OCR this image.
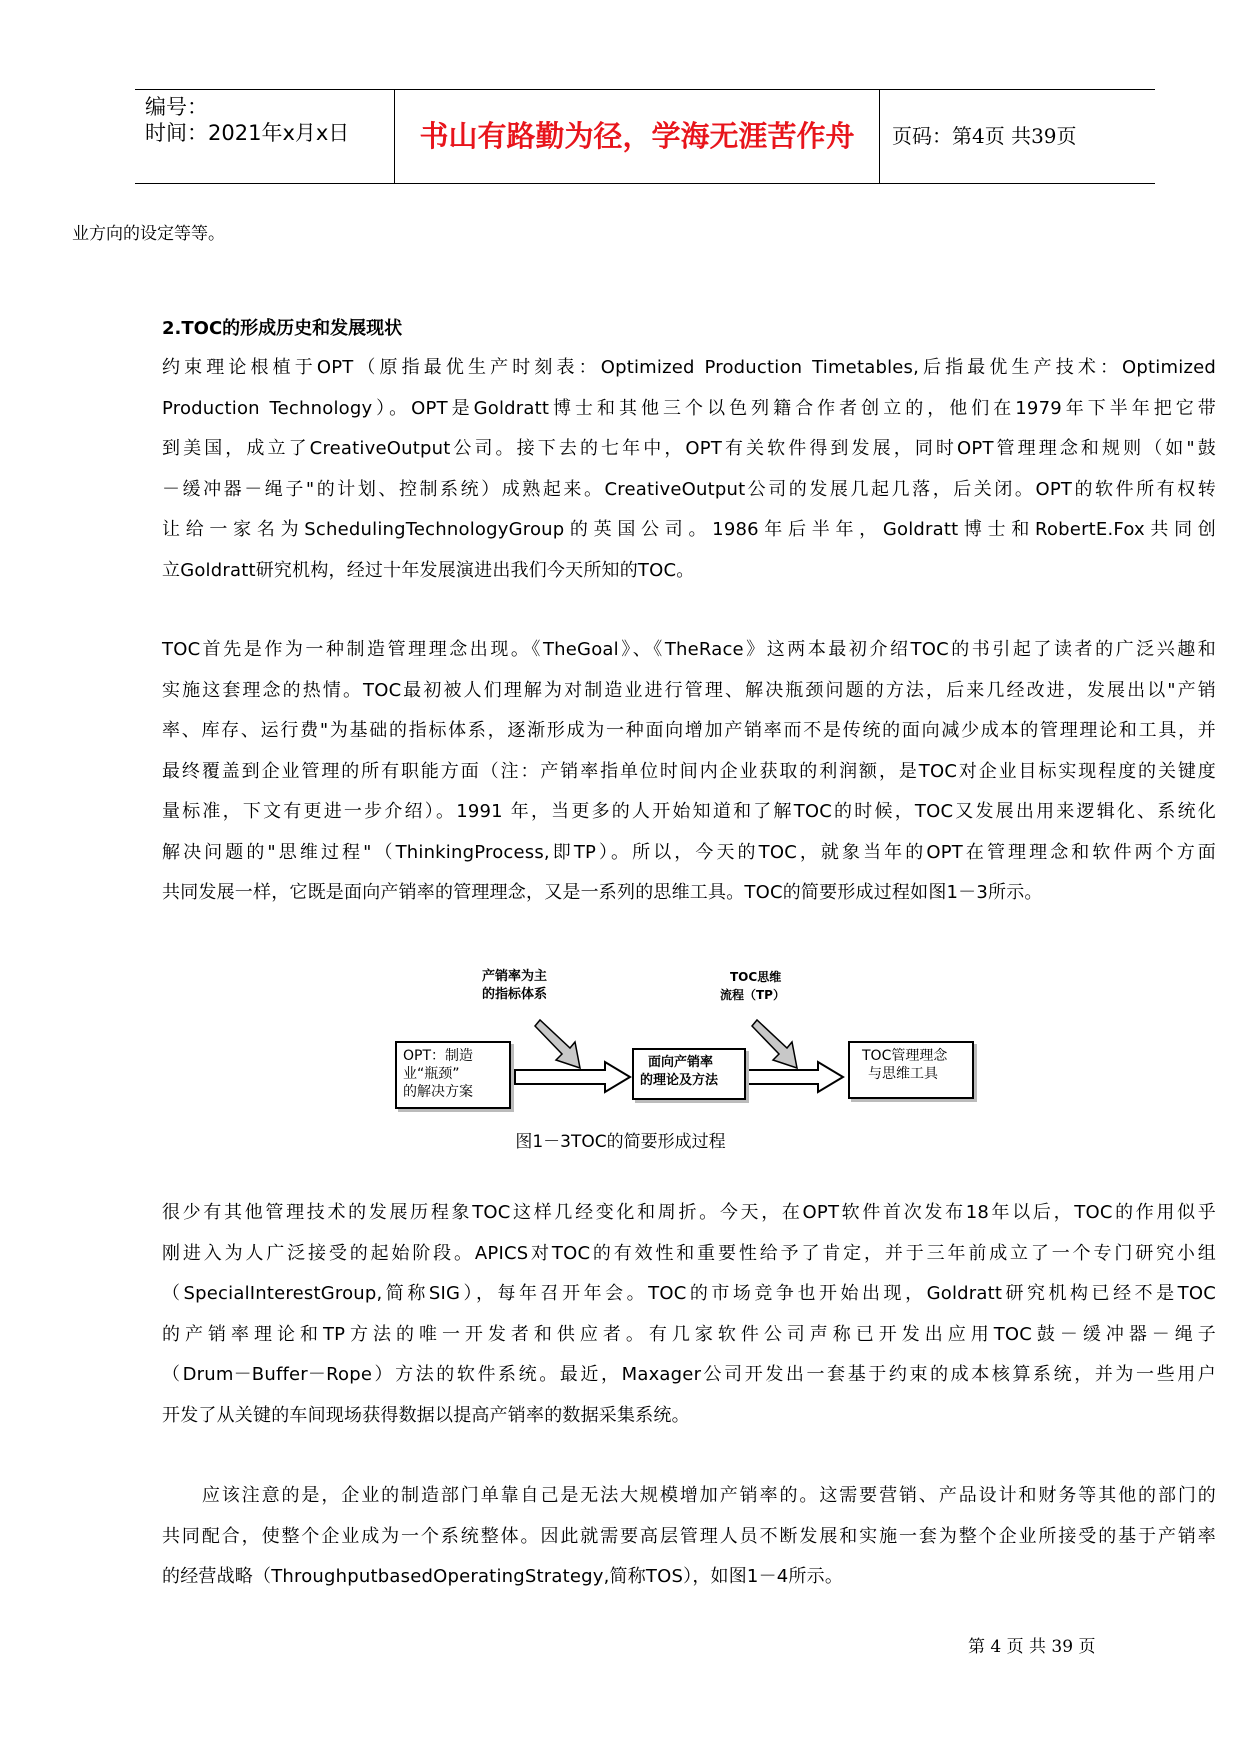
编号：
时间：2021年x月x日	书山有路勤为径，学海无涯苦作舟	页码：第4页 共39页
业方向的设定等等。
2.TOC的形成历史和发展现状
约束理论根植于OPT（原指最优生产时刻表：Optimized Production Timetables,后指最优生产技术：Optimized
Production Technology）。OPT是Goldratt博士和其他三个以色列籍合作者创立的，他们在1979年下半年把它带
到美国，成立了CreativeOutput公司。接下去的七年中，OPT有关软件得到发展，同时OPT管理理念和规则（如"鼓
－缓冲器－绳子"的计划、控制系统）成熟起来。CreativeOutput公司的发展几起几落，后关闭。OPT的软件所有权转
让给一家名为SchedulingTechnologyGroup的英国公司。1986年后半年，Goldratt博士和RobertE.Fox共同创
立Goldratt研究机构，经过十年发展演进出我们今天所知的TOC。
TOC首先是作为一种制造管理理念出现。《TheGoal》、《TheRace》这两本最初介绍TOC的书引起了读者的广泛兴趣和
实施这套理念的热情。TOC最初被人们理解为对制造业进行管理、解决瓶颈问题的方法，后来几经改进，发展出以"产销
率、库存、运行费"为基础的指标体系，逐渐形成为一种面向增加产销率而不是传统的面向减少成本的管理理论和工具，并
最终覆盖到企业管理的所有职能方面（注：产销率指单位时间内企业获取的利润额，是TOC对企业目标实现程度的关键度
量标准，下文有更进一步介绍）。1991 年，当更多的人开始知道和了解TOC的时候，TOC又发展出用来逻辑化、系统化
解决问题的"思维过程"（ThinkingProcess,即TP）。所以，今天的TOC，就象当年的OPT在管理理念和软件两个方面
共同发展一样，它既是面向产销率的管理理念，又是一系列的思维工具。TOC的简要形成过程如图1－3所示。
产销率为主
的指标体系
TOC思维
流程（TP）
OPT：制造
业“瓶颈”
的解决方案
面向产销率
的理论及方法
TOC管理理念
与思维工具
图1－3TOC的简要形成过程
很少有其他管理技术的发展历程象TOC这样几经变化和周折。今天，在OPT软件首次发布18年以后，TOC的作用似乎
刚进入为人广泛接受的起始阶段。APICS对TOC的有效性和重要性给予了肯定，并于三年前成立了一个专门研究小组
（SpecialInterestGroup,简称SIG），每年召开年会。TOC的市场竞争也开始出现，Goldratt研究机构已经不是TOC
的产销率理论和TP方法的唯一开发者和供应者。有几家软件公司声称已开发出应用TOC鼓－缓冲器－绳子
（Drum－Buffer－Rope）方法的软件系统。最近，Maxager公司开发出一套基于约束的成本核算系统，并为一些用户
开发了从关键的车间现场获得数据以提高产销率的数据采集系统。
　　应该注意的是，企业的制造部门单靠自己是无法大规模增加产销率的。这需要营销、产品设计和财务等其他的部门的
共同配合，使整个企业成为一个系统整体。因此就需要高层管理人员不断发展和实施一套为整个企业所接受的基于产销率
的经营战略（ThroughputbasedOperatingStrategy,简称TOS），如图1－4所示。
第 4 页 共 39 页
